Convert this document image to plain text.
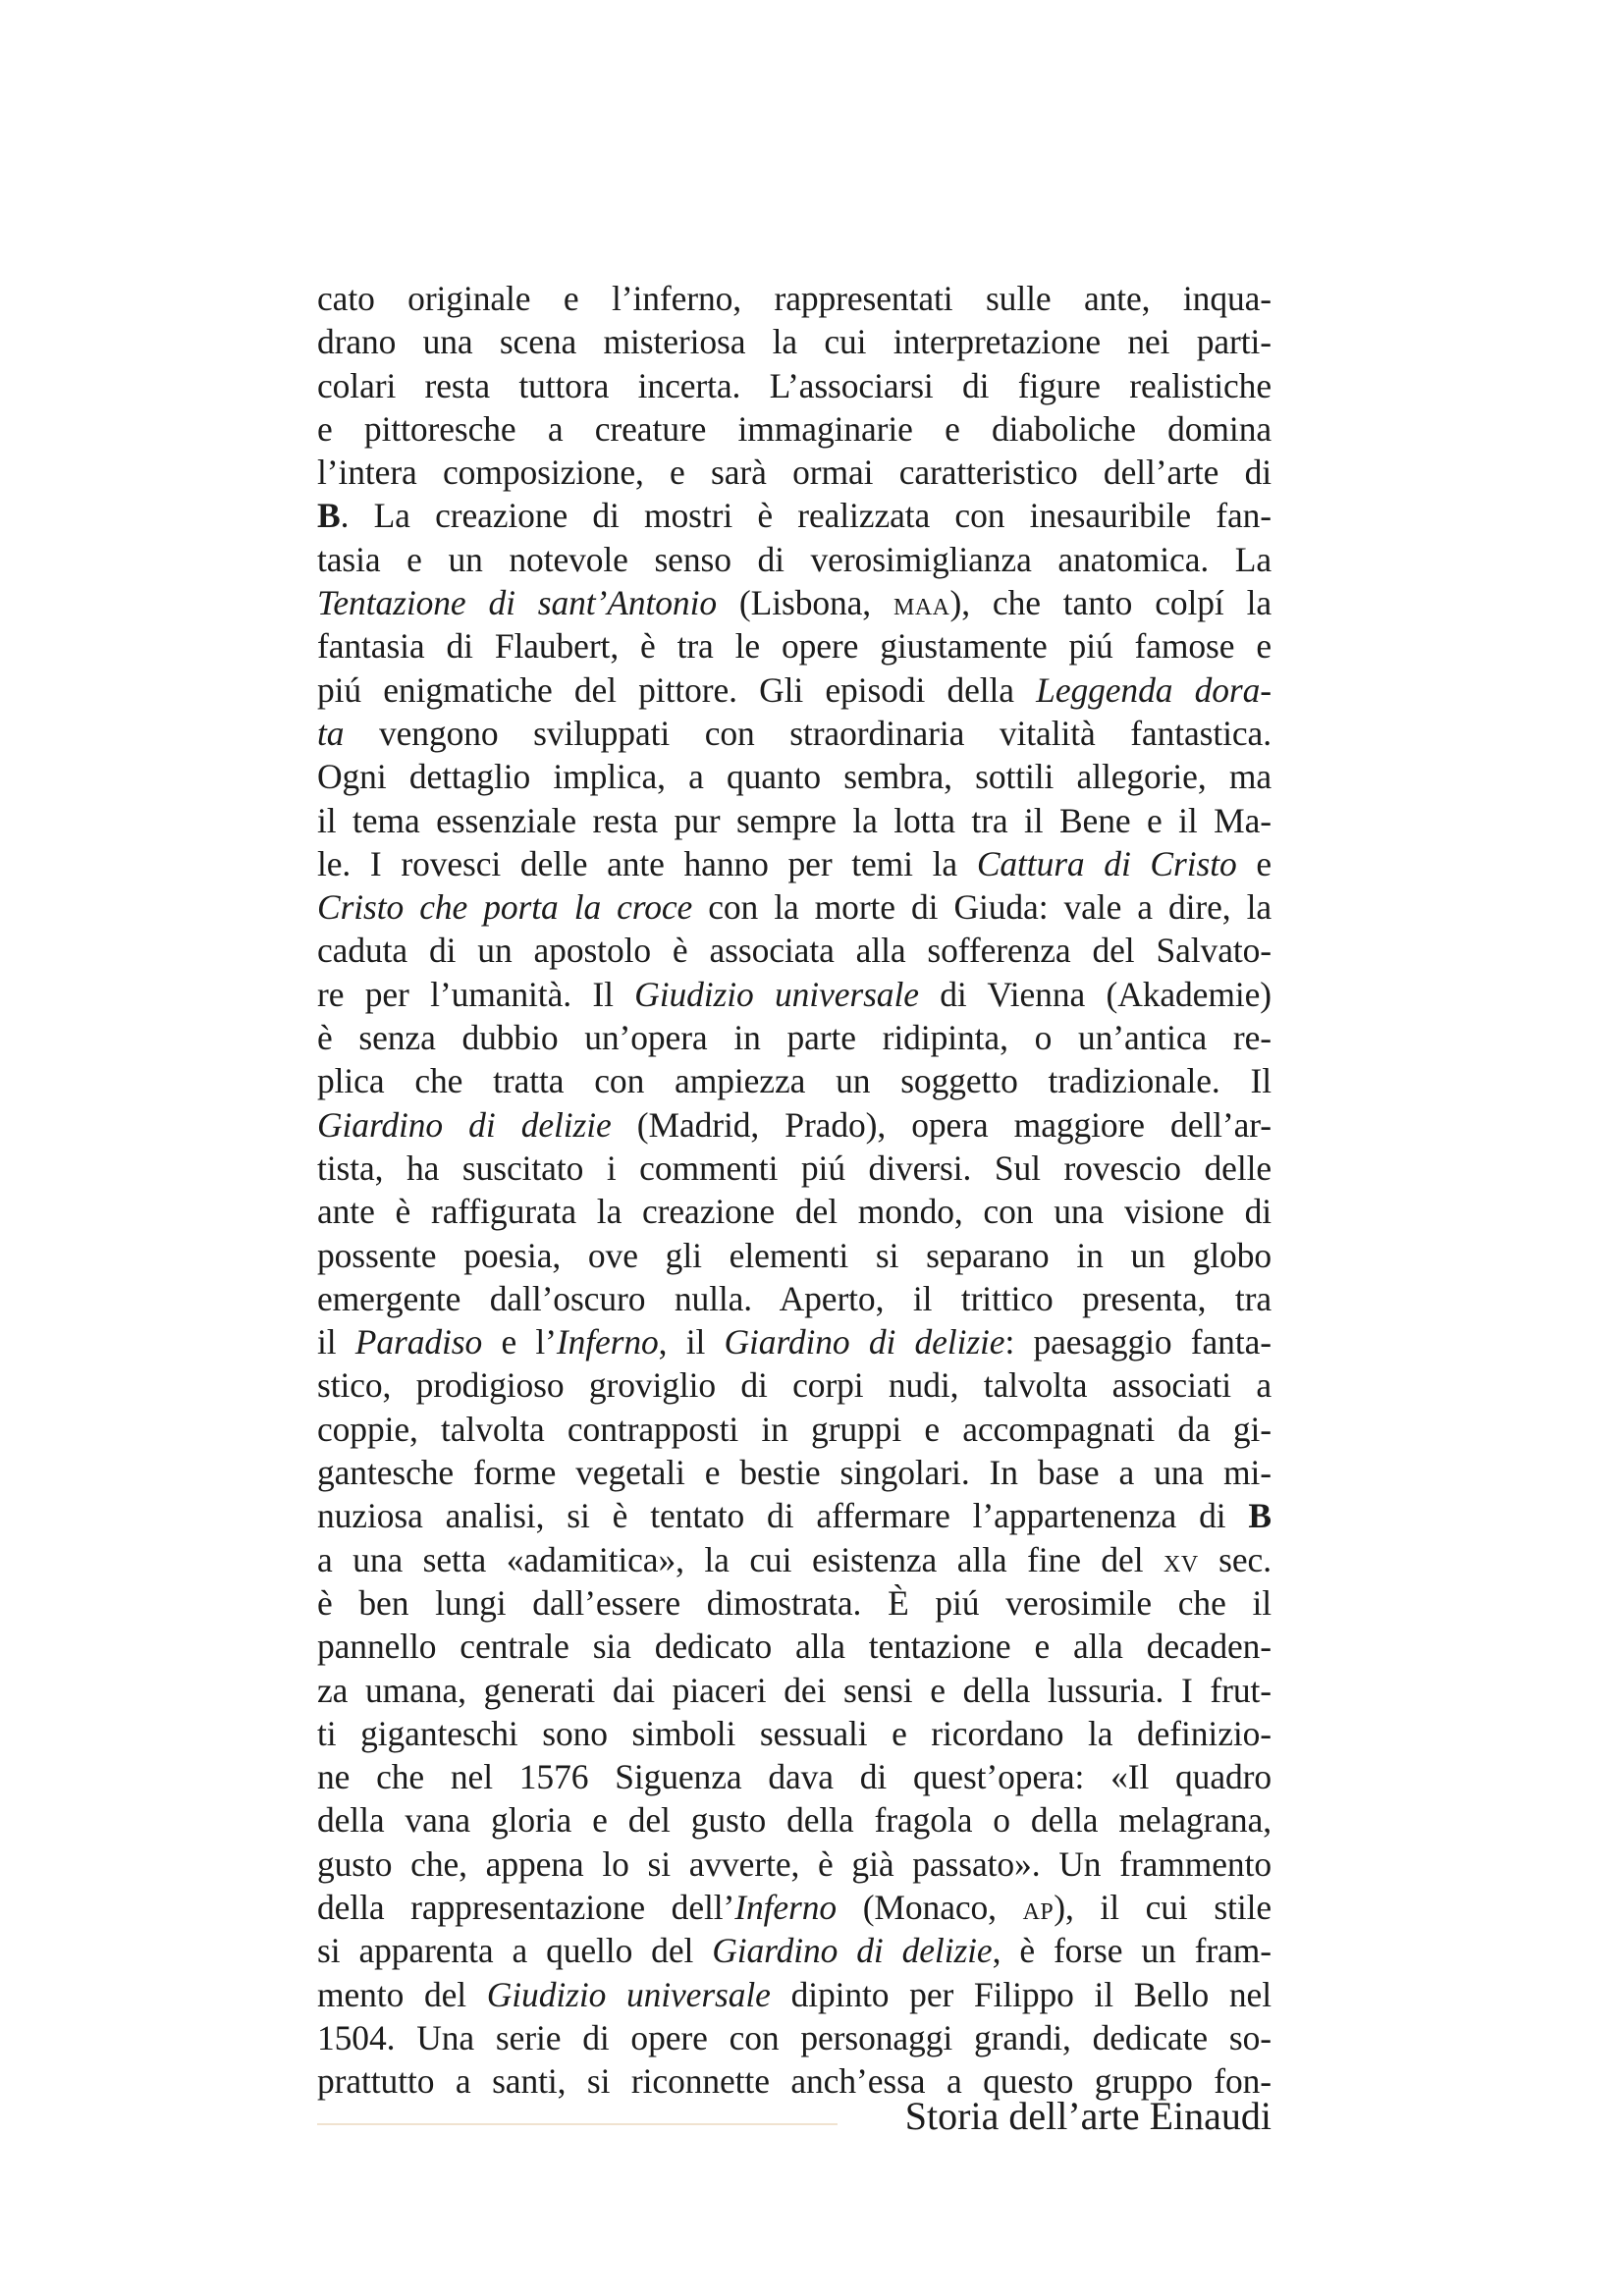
cato originale e l’inferno, rappresentati sulle ante, inqua-
drano una scena misteriosa la cui interpretazione nei parti-
colari resta tuttora incerta. L’associarsi di figure realistiche
e pittoresche a creature immaginarie e diaboliche domina
l’intera composizione, e sarà ormai caratteristico dell’arte di
B. La creazione di mostri è realizzata con inesauribile fan-
tasia e un notevole senso di verosimiglianza anatomica. La
Tentazione di sant’Antonio (Lisbona, maa), che tanto colpí la
fantasia di Flaubert, è tra le opere giustamente piú famose e
piú enigmatiche del pittore. Gli episodi della Leggenda dora-
ta vengono sviluppati con straordinaria vitalità fantastica.
Ogni dettaglio implica, a quanto sembra, sottili allegorie, ma
il tema essenziale resta pur sempre la lotta tra il Bene e il Ma-
le. I rovesci delle ante hanno per temi la Cattura di Cristo e
Cristo che porta la croce con la morte di Giuda: vale a dire, la
caduta di un apostolo è associata alla sofferenza del Salvato-
re per l’umanità. Il Giudizio universale di Vienna (Akademie)
è senza dubbio un’opera in parte ridipinta, o un’antica re-
plica che tratta con ampiezza un soggetto tradizionale. Il
Giardino di delizie (Madrid, Prado), opera maggiore dell’ar-
tista, ha suscitato i commenti piú diversi. Sul rovescio delle
ante è raffigurata la creazione del mondo, con una visione di
possente poesia, ove gli elementi si separano in un globo
emergente dall’oscuro nulla. Aperto, il trittico presenta, tra
il Paradiso e l’Inferno, il Giardino di delizie: paesaggio fanta-
stico, prodigioso groviglio di corpi nudi, talvolta associati a
coppie, talvolta contrapposti in gruppi e accompagnati da gi-
gantesche forme vegetali e bestie singolari. In base a una mi-
nuziosa analisi, si è tentato di affermare l’appartenenza di B
a una setta «adamitica», la cui esistenza alla fine del xv sec.
è ben lungi dall’essere dimostrata. È piú verosimile che il
pannello centrale sia dedicato alla tentazione e alla decaden-
za umana, generati dai piaceri dei sensi e della lussuria. I frut-
ti giganteschi sono simboli sessuali e ricordano la definizio-
ne che nel 1576 Siguenza dava di quest’opera: «Il quadro
della vana gloria e del gusto della fragola o della melagrana,
gusto che, appena lo si avverte, è già passato». Un frammento
della rappresentazione dell’Inferno (Monaco, ap), il cui stile
si apparenta a quello del Giardino di delizie, è forse un fram-
mento del Giudizio universale dipinto per Filippo il Bello nel
1504. Una serie di opere con personaggi grandi, dedicate so-
prattutto a santi, si riconnette anch’essa a questo gruppo fon-
Storia dell’arte Einaudi
